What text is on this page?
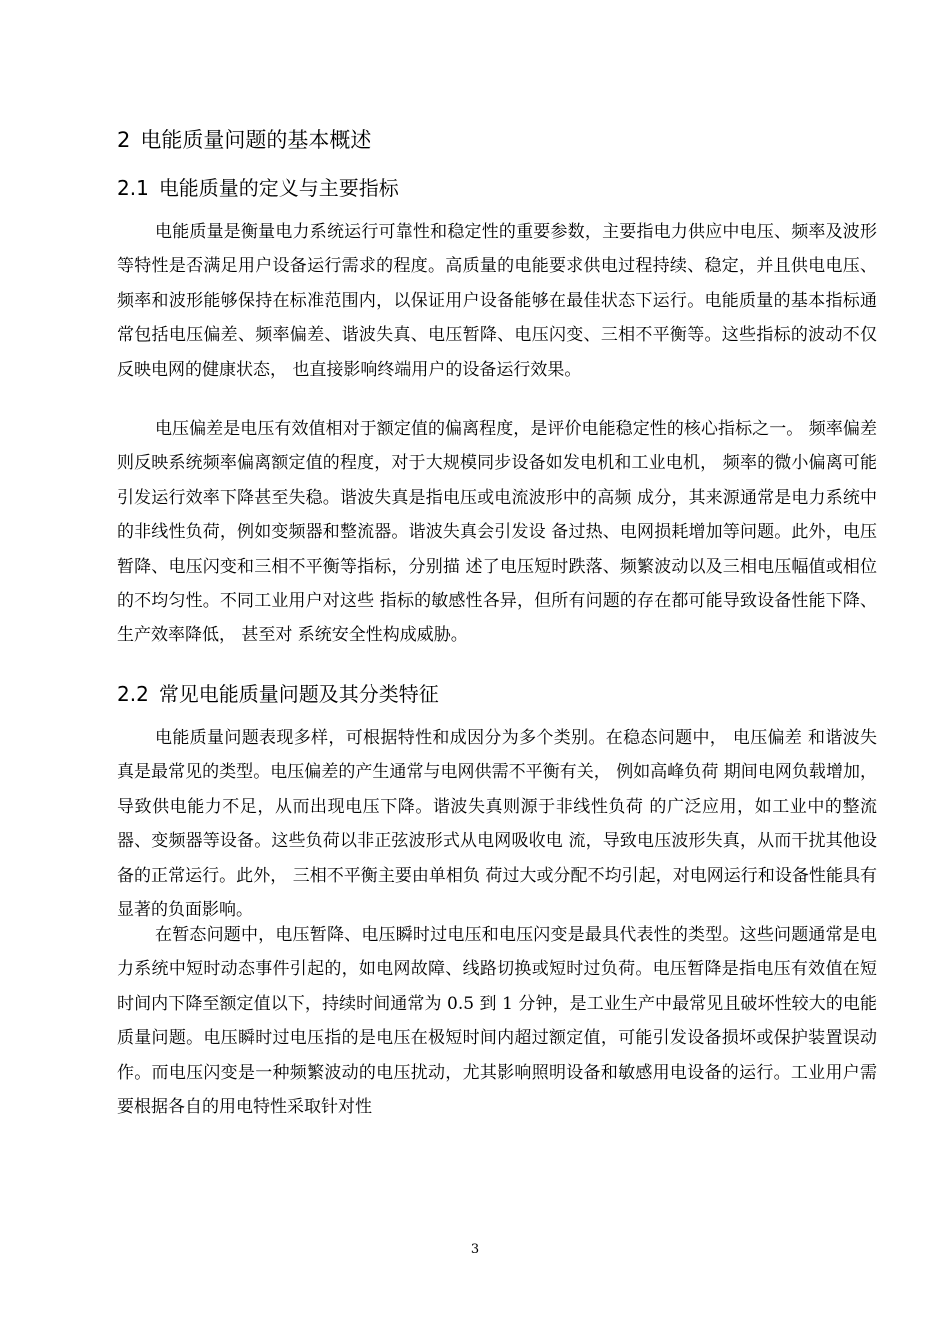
2 电能质量问题的基本概述
2.1 电能质量的定义与主要指标

电能质量是衡量电力系统运行可靠性和稳定性的重要参数，主要指电力供应中电压、频率及波形等特性是否满足用户设备运行需求的程度。高质量的电能要求供电过程持续、稳定，并且供电电压、频率和波形能够保持在标准范围内，以保证用户设备能够在最佳状态下运行。电能质量的基本指标通常包括电压偏差、频率偏差、谐波失真、电压暂降、电压闪变、三相不平衡等。这些指标的波动不仅反映电网的健康状态， 也直接影响终端用户的设备运行效果。

电压偏差是电压有效值相对于额定值的偏离程度，是评价电能稳定性的核心指标之一。 频率偏差则反映系统频率偏离额定值的程度，对于大规模同步设备如发电机和工业电机， 频率的微小偏离可能引发运行效率下降甚至失稳。谐波失真是指电压或电流波形中的高频 成分，其来源通常是电力系统中的非线性负荷，例如变频器和整流器。谐波失真会引发设 备过热、电网损耗增加等问题。此外，电压暂降、电压闪变和三相不平衡等指标，分别描 述了电压短时跌落、频繁波动以及三相电压幅值或相位的不均匀性。不同工业用户对这些 指标的敏感性各异，但所有问题的存在都可能导致设备性能下降、生产效率降低， 甚至对 系统安全性构成威胁。

2.2 常见电能质量问题及其分类特征

电能质量问题表现多样，可根据特性和成因分为多个类别。在稳态问题中， 电压偏差 和谐波失真是最常见的类型。电压偏差的产生通常与电网供需不平衡有关， 例如高峰负荷 期间电网负载增加，导致供电能力不足，从而出现电压下降。谐波失真则源于非线性负荷 的广泛应用，如工业中的整流器、变频器等设备。这些负荷以非正弦波形式从电网吸收电 流，导致电压波形失真，从而干扰其他设备的正常运行。此外， 三相不平衡主要由单相负 荷过大或分配不均引起，对电网运行和设备性能具有显著的负面影响。

在暂态问题中，电压暂降、电压瞬时过电压和电压闪变是最具代表性的类型。这些问题通常是电力系统中短时动态事件引起的，如电网故障、线路切换或短时过负荷。电压暂降是指电压有效值在短时间内下降至额定值以下，持续时间通常为 0.5 到 1 分钟，是工业生产中最常见且破坏性较大的电能质量问题。电压瞬时过电压指的是电压在极短时间内超过额定值，可能引发设备损坏或保护装置误动作。而电压闪变是一种频繁波动的电压扰动，尤其影响照明设备和敏感用电设备的运行。工业用户需要根据各自的用电特性采取针对性

3
